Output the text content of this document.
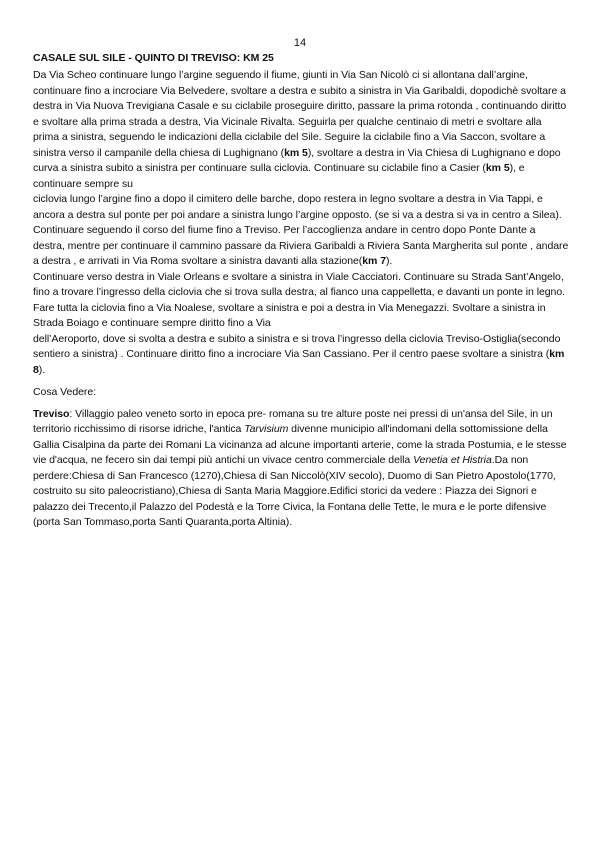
14
CASALE SUL SILE - QUINTO DI TREVISO: KM 25

Da Via Scheo continuare lungo l’argine seguendo il fiume, giunti in Via San Nicolò ci si allontana dall’argine, continuare fino a incrociare Via Belvedere, svoltare a destra e subito a sinistra in Via Garibaldi, dopodichè svoltare a destra in Via Nuova Trevigiana Casale e su ciclabile proseguire diritto, passare la prima rotonda , continuando diritto e svoltare alla prima strada a destra, Via Vicinale Rivalta. Seguirla per qualche centinaio di metri e svoltare alla prima a sinistra, seguendo le indicazioni della ciclabile del Sile. Seguire la ciclabile fino a Via Saccon, svoltare a sinistra verso il campanile della chiesa di Lughignano (km 5), svoltare a destra in Via Chiesa di Lughignano e dopo curva a sinistra subito a sinistra per continuare sulla ciclovia. Continuare su ciclabile fino a Casier (km 5), e continuare sempre su

ciclovia lungo l’argine fino a dopo il cimitero delle barche, dopo restera in legno svoltare a destra in Via Tappi, e ancora a destra sul ponte per poi andare a sinistra lungo l’argine opposto. (se si va a destra si va in centro a Silea). Continuare seguendo il corso del fiume fino a Treviso. Per l’accoglienza andare in centro dopo Ponte Dante a destra, mentre per continuare il cammino passare da Riviera Garibaldi a Riviera Santa Margherita sul ponte , andare a destra , e arrivati in Via Roma svoltare a sinistra davanti alla stazione(km 7).

Continuare verso destra in Viale Orleans e svoltare a sinistra in Viale Cacciatori. Continuare su Strada Sant’Angelo, fino a trovare l’ingresso della ciclovia che si trova sulla destra, al fianco una cappelletta, e davanti un ponte in legno. Fare tutta la ciclovia fino a Via Noalese, svoltare a sinistra e poi a destra in Via Menegazzi. Svoltare a sinistra in Strada Boiago e continuare sempre diritto fino a Via

dell’Aeroporto, dove si svolta a destra e subito a sinistra e si trova l’ingresso della ciclovia Treviso-Ostiglia(secondo sentiero a sinistra) . Continuare diritto fino a incrociare Via San Cassiano. Per il centro paese svoltare a sinistra (km 8).

Cosa Vedere:

Treviso: Villaggio paleo veneto sorto in epoca pre- romana su tre alture poste nei pressi di un'ansa del Sile, in un territorio ricchissimo di risorse idriche, l'antica Tarvisium divenne municipio all'indomani della sottomissione della Gallia Cisalpina da parte dei Romani La vicinanza ad alcune importanti arterie, come la strada Postumia, e le stesse vie d'acqua, ne fecero sin dai tempi più antichi un vivace centro commerciale della Venetia et Histria.Da non perdere:Chiesa di San Francesco (1270),Chiesa di San Niccolò(XIV secolo), Duomo di San Pietro Apostolo(1770, costruito su sito paleocristiano),Chiesa di Santa Maria Maggiore.Edifici storici da vedere : Piazza dei Signori e palazzo dei Trecento,il Palazzo del Podestà e la Torre Civica, la Fontana delle Tette, le mura e le porte difensive (porta San Tommaso,porta Santi Quaranta,porta Altinia).
